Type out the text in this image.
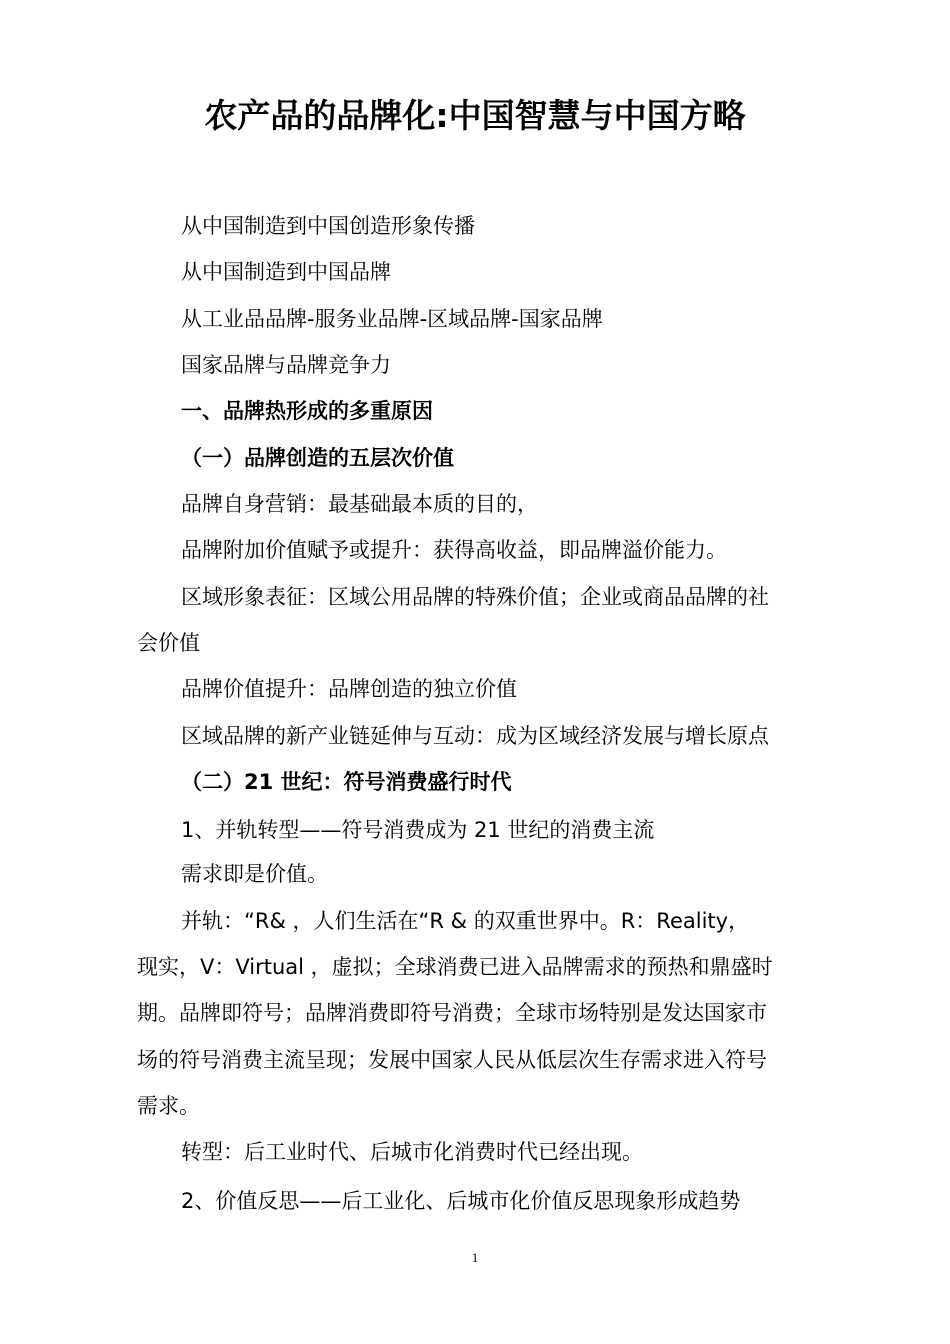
农产品的品牌化:中国智慧与中国方略

从中国制造到中国创造形象传播

从中国制造到中国品牌

从工业品品牌-服务业品牌-区域品牌-国家品牌

国家品牌与品牌竞争力

一、品牌热形成的多重原因

（一）品牌创造的五层次价值

品牌自身营销：最基础最本质的目的，

品牌附加价值赋予或提升：获得高收益，即品牌溢价能力。

区域形象表征：区域公用品牌的特殊价值；企业或商品品牌的社

会价值

品牌价值提升：品牌创造的独立价值

区域品牌的新产业链延伸与互动：成为区域经济发展与增长原点

（二）21 世纪：符号消费盛行时代

1、并轨转型——符号消费成为 21 世纪的消费主流

需求即是价值。

并轨：“R& ，人们生活在“R & 的双重世界中。R：Reality，

现实，V：Virtual ，虚拟；全球消费已进入品牌需求的预热和鼎盛时

期。品牌即符号；品牌消费即符号消费；全球市场特别是发达国家市

场的符号消费主流呈现；发展中国家人民从低层次生存需求进入符号

需求。

转型：后工业时代、后城市化消费时代已经出现。

2、价值反思——后工业化、后城市化价值反思现象形成趋势

1
